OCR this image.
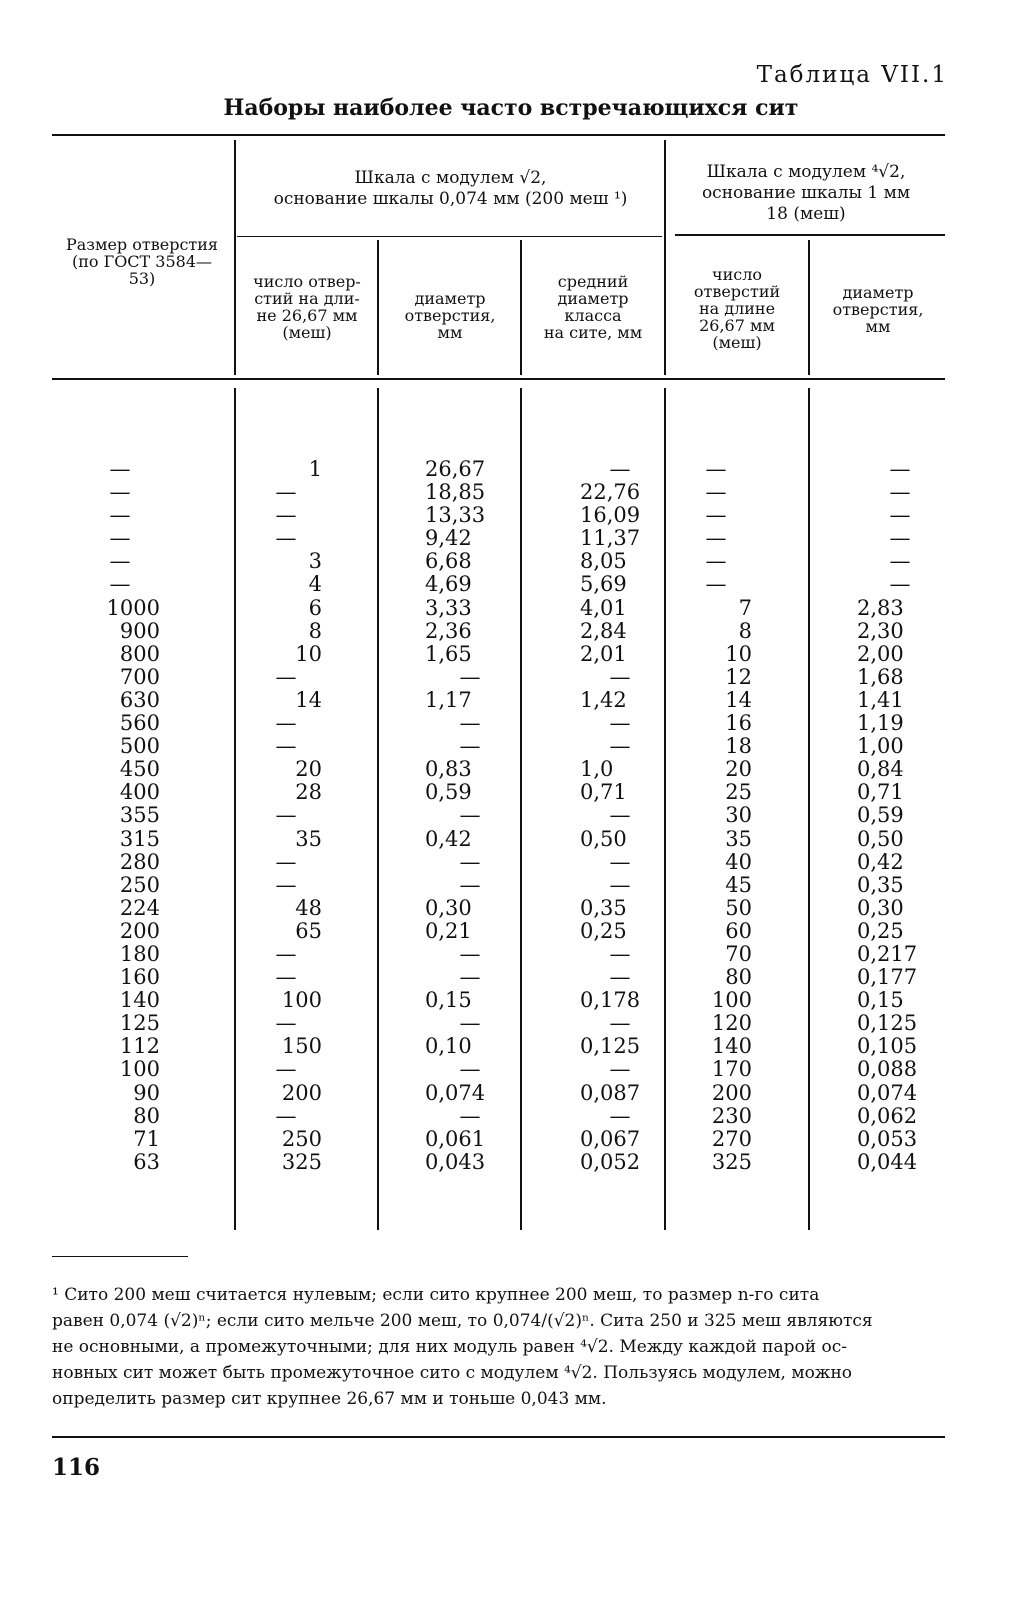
Таблица VII.1
Наборы наиболее часто встречающихся сит
Размер отверстия
(по ГОСТ 3584—
53)
Шкала с модулем √2,
основание шкалы 0,074 мм (200 меш ¹)
Шкала с модулем ⁴√2,
основание шкалы 1 мм
18 (меш)
число отвер-
стий на дли-
не 26,67 мм
(меш)
диаметр
отверстия,
мм
средний
диаметр
класса
на сите, мм
число
отверстий
на длине
26,67 мм
(меш)
диаметр
отверстия,
мм
—
—
—
—
—
—
1000
900
800
700
630
560
500
450
400
355
315
280
250
224
200
180
160
140
125
112
100
90
80
71
63
1
—
—
—
3
4
6
8
10
—
14
—
—
20
28
—
35
—
—
48
65
—
—
100
—
150
—
200
—
250
325
26,67
18,85
13,33
9,42
6,68
4,69
3,33
2,36
1,65
—
1,17
—
—
0,83
0,59
—
0,42
—
—
0,30
0,21
—
—
0,15
—
0,10
—
0,074
—
0,061
0,043
—
22,76
16,09
11,37
8,05
5,69
4,01
2,84
2,01
—
1,42
—
—
1,0
0,71
—
0,50
—
—
0,35
0,25
—
—
0,178
—
0,125
—
0,087
—
0,067
0,052
—
—
—
—
—
—
7
8
10
12
14
16
18
20
25
30
35
40
45
50
60
70
80
100
120
140
170
200
230
270
325
—
—
—
—
—
—
2,83
2,30
2,00
1,68
1,41
1,19
1,00
0,84
0,71
0,59
0,50
0,42
0,35
0,30
0,25
0,217
0,177
0,15
0,125
0,105
0,088
0,074
0,062
0,053
0,044

¹ Сито 200 меш считается нулевым; если сито крупнее 200 меш, то размер n-го сита

равен 0,074 (√2)ⁿ; если сито мельче 200 меш, то 0,074/(√2)ⁿ. Сита 250 и 325 меш являются

не основными, а промежуточными; для них модуль равен ⁴√2. Между каждой парой ос-

новных сит может быть промежуточное сито с модулем ⁴√2. Пользуясь модулем, можно

определить размер сит крупнее 26,67 мм и тоньше 0,043 мм.

116
